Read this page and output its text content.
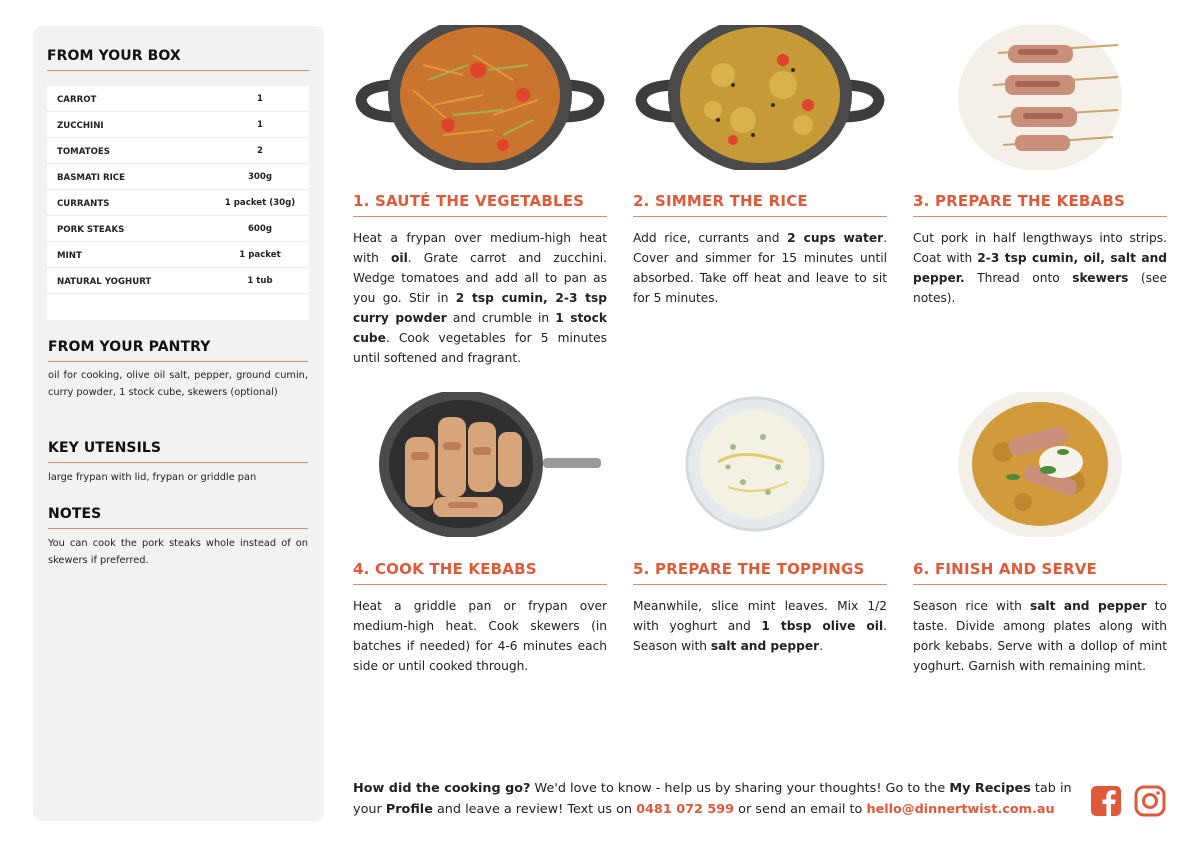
FROM YOUR BOX
CARROT	1
ZUCCHINI	1
TOMATOES	2
BASMATI RICE	300g
CURRANTS	1 packet (30g)
PORK STEAKS	600g
MINT	1 packet
NATURAL YOGHURT	1 tub
FROM YOUR PANTRY
oil for cooking, olive oil salt, pepper, ground cumin, curry powder, 1 stock cube, skewers (optional)
KEY UTENSILS
large frypan with lid, frypan or griddle pan
NOTES
You can cook the pork steaks whole instead of on skewers if preferred.
1. SAUTÉ THE VEGETABLES
Heat a frypan over medium-high heat with oil. Grate carrot and zucchini. Wedge tomatoes and add all to pan as you go. Stir in 2 tsp cumin, 2-3 tsp curry powder and crumble in 1 stock cube. Cook vegetables for 5 minutes until softened and fragrant.
2. SIMMER THE RICE
Add rice, currants and 2 cups water. Cover and simmer for 15 minutes until absorbed. Take off heat and leave to sit for 5 minutes.
3. PREPARE THE KEBABS
Cut pork in half lengthways into strips. Coat with 2-3 tsp cumin, oil, salt and pepper. Thread onto skewers (see notes).
4. COOK THE KEBABS
Heat a griddle pan or frypan over medium-high heat. Cook skewers (in batches if needed) for 4-6 minutes each side or until cooked through.
5. PREPARE THE TOPPINGS
Meanwhile, slice mint leaves. Mix 1/2 with yoghurt and 1 tbsp olive oil. Season with salt and pepper.
6. FINISH AND SERVE
Season rice with salt and pepper to taste. Divide among plates along with pork kebabs. Serve with a dollop of mint yoghurt. Garnish with remaining mint.
How did the cooking go? We'd love to know - help us by sharing your thoughts! Go to the My Recipes tab in your Profile and leave a review! Text us on 0481 072 599 or send an email to hello@dinnertwist.com.au
